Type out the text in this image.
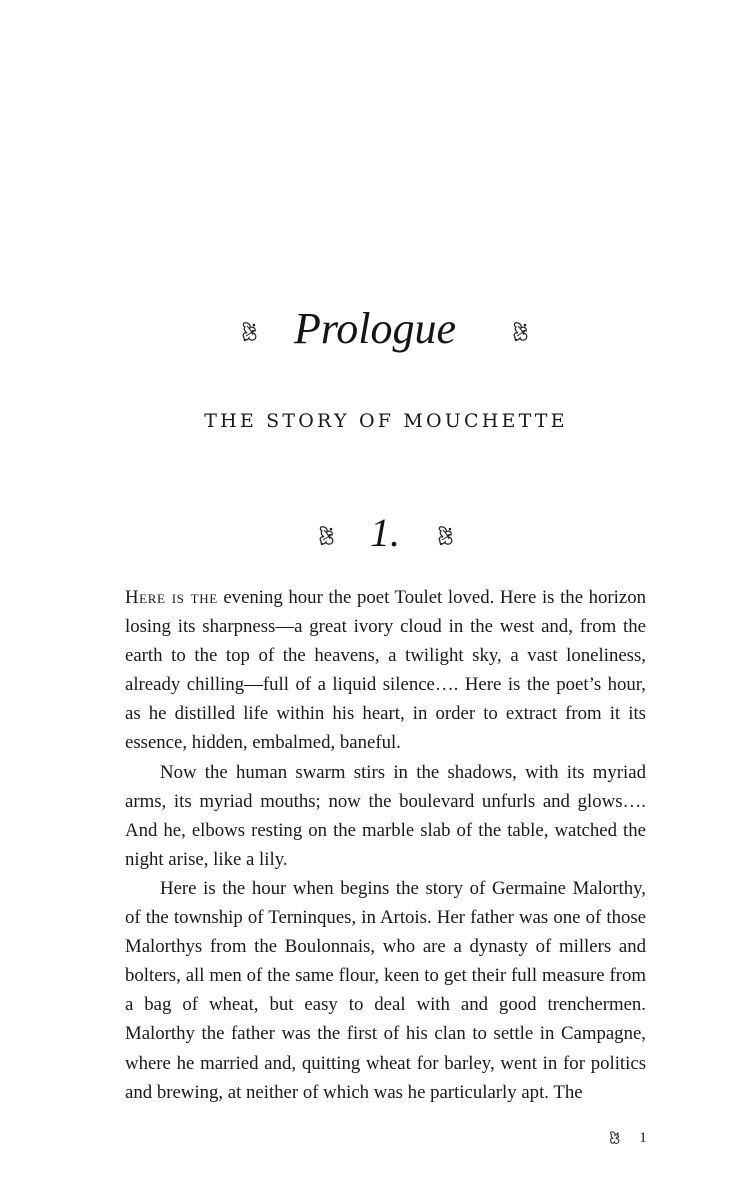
Prologue
THE STORY OF MOUCHETTE
1.

Here is the evening hour the poet Toulet loved. Here is the horizon losing its sharpness—a great ivory cloud in the west and, from the earth to the top of the heavens, a twilight sky, a vast loneliness, already chilling—full of a liquid silence…. Here is the poet’s hour, as he distilled life within his heart, in order to extract from it its essence, hidden, embalmed, baneful.

Now the human swarm stirs in the shadows, with its myriad arms, its myriad mouths; now the boulevard unfurls and glows…. And he, elbows resting on the marble slab of the table, watched the night arise, like a lily.

Here is the hour when begins the story of Germaine Malorthy, of the township of Terninques, in Artois. Her father was one of those Malorthys from the Boulonnais, who are a dynasty of millers and bolters, all men of the same flour, keen to get their full measure from a bag of wheat, but easy to deal with and good trenchermen. Malorthy the father was the first of his clan to settle in Campagne, where he married and, quitting wheat for barley, went in for politics and brewing, at neither of which was he particularly apt. The

1
